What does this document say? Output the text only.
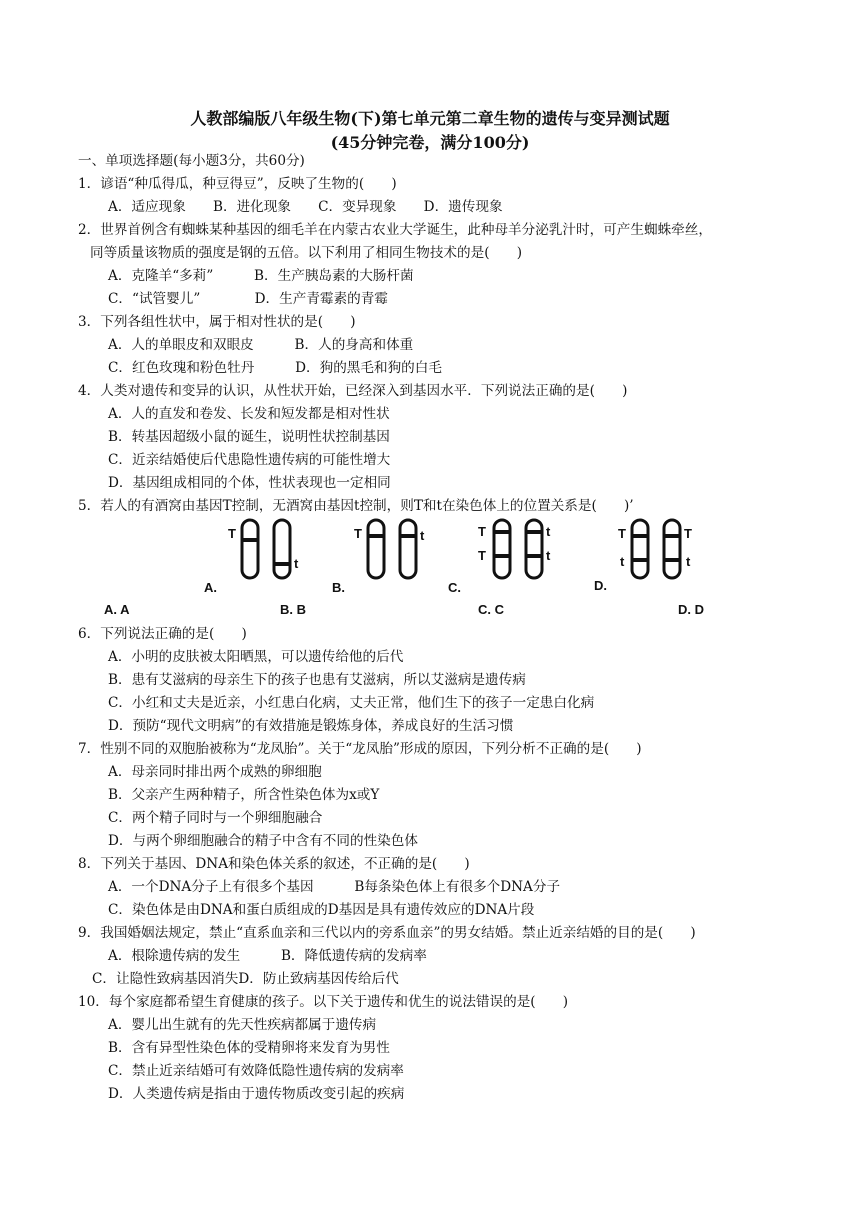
人教部编版八年级生物(下)第七单元第二章生物的遗传与变异测试题
(45分钟完卷，满分100分)
一、单项选择题(每小题3分，共60分)
1．谚语“种瓜得瓜，种豆得豆”，反映了生物的(　　)
A．适应现象　　B．进化现象　　C．变异现象　　D．遗传现象
2．世界首例含有蜘蛛某种基因的细毛羊在内蒙古农业大学诞生，此种母羊分泌乳汁时，可产生蜘蛛牵丝，
同等质量该物质的强度是钢的五倍。以下利用了相同生物技术的是(　　)
A．克隆羊“多莉”　　　B．生产胰岛素的大肠杆菌
C．“试管婴儿”　　　　D．生产青霉素的青霉
3．下列各组性状中，属于相对性状的是(　　)
A．人的单眼皮和双眼皮　　　B．人的身高和体重
C．红色玫瑰和粉色牡丹　　　D．狗的黑毛和狗的白毛
4．人类对遗传和变异的认识，从性状开始，已经深入到基因水平．下列说法正确的是(　　)
A．人的直发和卷发、长发和短发都是相对性状
B．转基因超级小鼠的诞生，说明性状控制基因
C．近亲结婚使后代患隐性遗传病的可能性增大
D．基因组成相同的个体，性状表现也一定相同
5．若人的有酒窝由基因T控制，无酒窝由基因t控制，则T和t在染色体上的位置关系是(　　)’
T
t
T	t	T	t
T	t
T	T
t	t
A.	B.	C.	D.
A. A	B. B	C. C	D. D
6．下列说法正确的是(　　)
A．小明的皮肤被太阳晒黑，可以遗传给他的后代
B．患有艾滋病的母亲生下的孩子也患有艾滋病，所以艾滋病是遗传病
C．小红和丈夫是近亲，小红患白化病，丈夫正常，他们生下的孩子一定患白化病
D．预防“现代文明病”的有效措施是锻炼身体，养成良好的生活习惯
7．性别不同的双胞胎被称为“龙凤胎”。关于“龙凤胎”形成的原因，下列分析不正确的是(　　)
A．母亲同时排出两个成熟的卵细胞
B．父亲产生两种精子，所含性染色体为x或Y
C．两个精子同时与一个卵细胞融合
D．与两个卵细胞融合的精子中含有不同的性染色体
8．下列关于基因、DNA和染色体关系的叙述，不正确的是(　　)
A．一个DNA分子上有很多个基因　　　B每条染色体上有很多个DNA分子
C．染色体是由DNA和蛋白质组成的D基因是具有遗传效应的DNA片段
9．我国婚姻法规定，禁止“直系血亲和三代以内的旁系血亲”的男女结婚。禁止近亲结婚的目的是(　　)
A．根除遗传病的发生　　　B．降低遗传病的发病率
C．让隐性致病基因消失D．防止致病基因传给后代
10．每个家庭都希望生育健康的孩子。以下关于遗传和优生的说法错误的是(　　)
A．婴儿出生就有的先天性疾病都属于遗传病
B．含有异型性染色体的受精卵将来发育为男性
C．禁止近亲结婚可有效降低隐性遗传病的发病率
D．人类遗传病是指由于遗传物质改变引起的疾病
